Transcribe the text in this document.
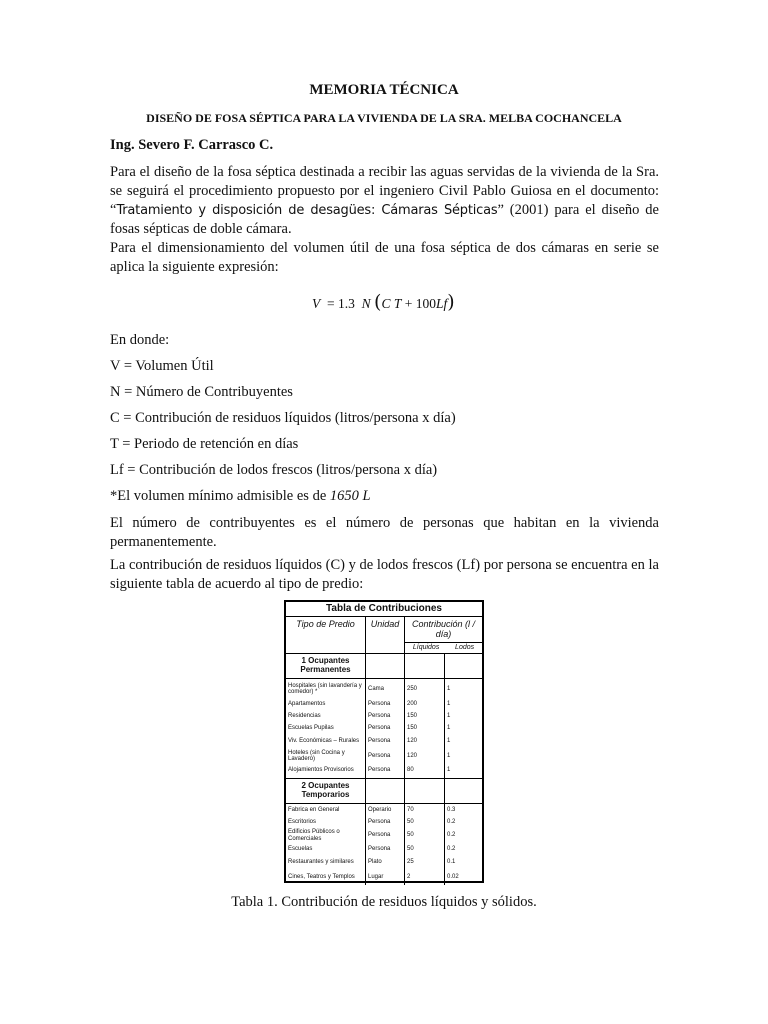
MEMORIA TÉCNICA
DISEÑO DE FOSA SÉPTICA PARA LA VIVIENDA DE LA SRA. MELBA COCHANCELA
Ing. Severo F. Carrasco C.

Para el diseño de la fosa séptica destinada a recibir las aguas servidas de la vivienda de la Sra. se seguirá el procedimiento propuesto por el ingeniero Civil Pablo Guiosa en el documento: “Tratamiento y disposición de desagües: Cámaras Sépticas” (2001) para el diseño de fosas sépticas de doble cámara.

Para el dimensionamiento del volumen útil de una fosa séptica de dos cámaras en serie se aplica la siguiente expresión:

V  = 1.3  N (C T + 100Lf)
En donde:
V = Volumen Útil
N = Número de Contribuyentes
C = Contribución de residuos líquidos (litros/persona x día)
T = Periodo de retención en días
Lf = Contribución de lodos frescos (litros/persona x día)
*El volumen mínimo admisible es de 1650 L

El número de contribuyentes es el número de personas que habitan en la vivienda permanentemente.

La contribución de residuos líquidos (C) y de lodos frescos (Lf) por persona se encuentra en la siguiente tabla de acuerdo al tipo de predio:

Tabla de Contribuciones
Tipo de Predio	Unidad	Contribución (l / día)
Líquidos Lodos
1 Ocupantes Permanentes
Hospitales (sin lavandería y comedor) *
Cama	250	1
Apartamentos	Persona	200	1
Residencias	Persona	150	1
Escuelas Pupilas	Persona	150	1
Viv. Económicas – Rurales	Persona	120	1
Hoteles (sin Cocina y Lavadero)
Persona	120	1
Alojamientos Provisorios	Persona	80	1
2 Ocupantes Temporarios
Fabrica en General	Operario	70	0.3
Escritorios	Persona	50	0.2
Edificios Públicos o Comerciales
Persona	50	0.2
Escuelas	Persona	50	0.2
Restaurantes y similares	Plato	25	0.1
Cines, Teatros y Templos	Lugar	2	0.02
Tabla 1. Contribución de residuos líquidos y sólidos.
